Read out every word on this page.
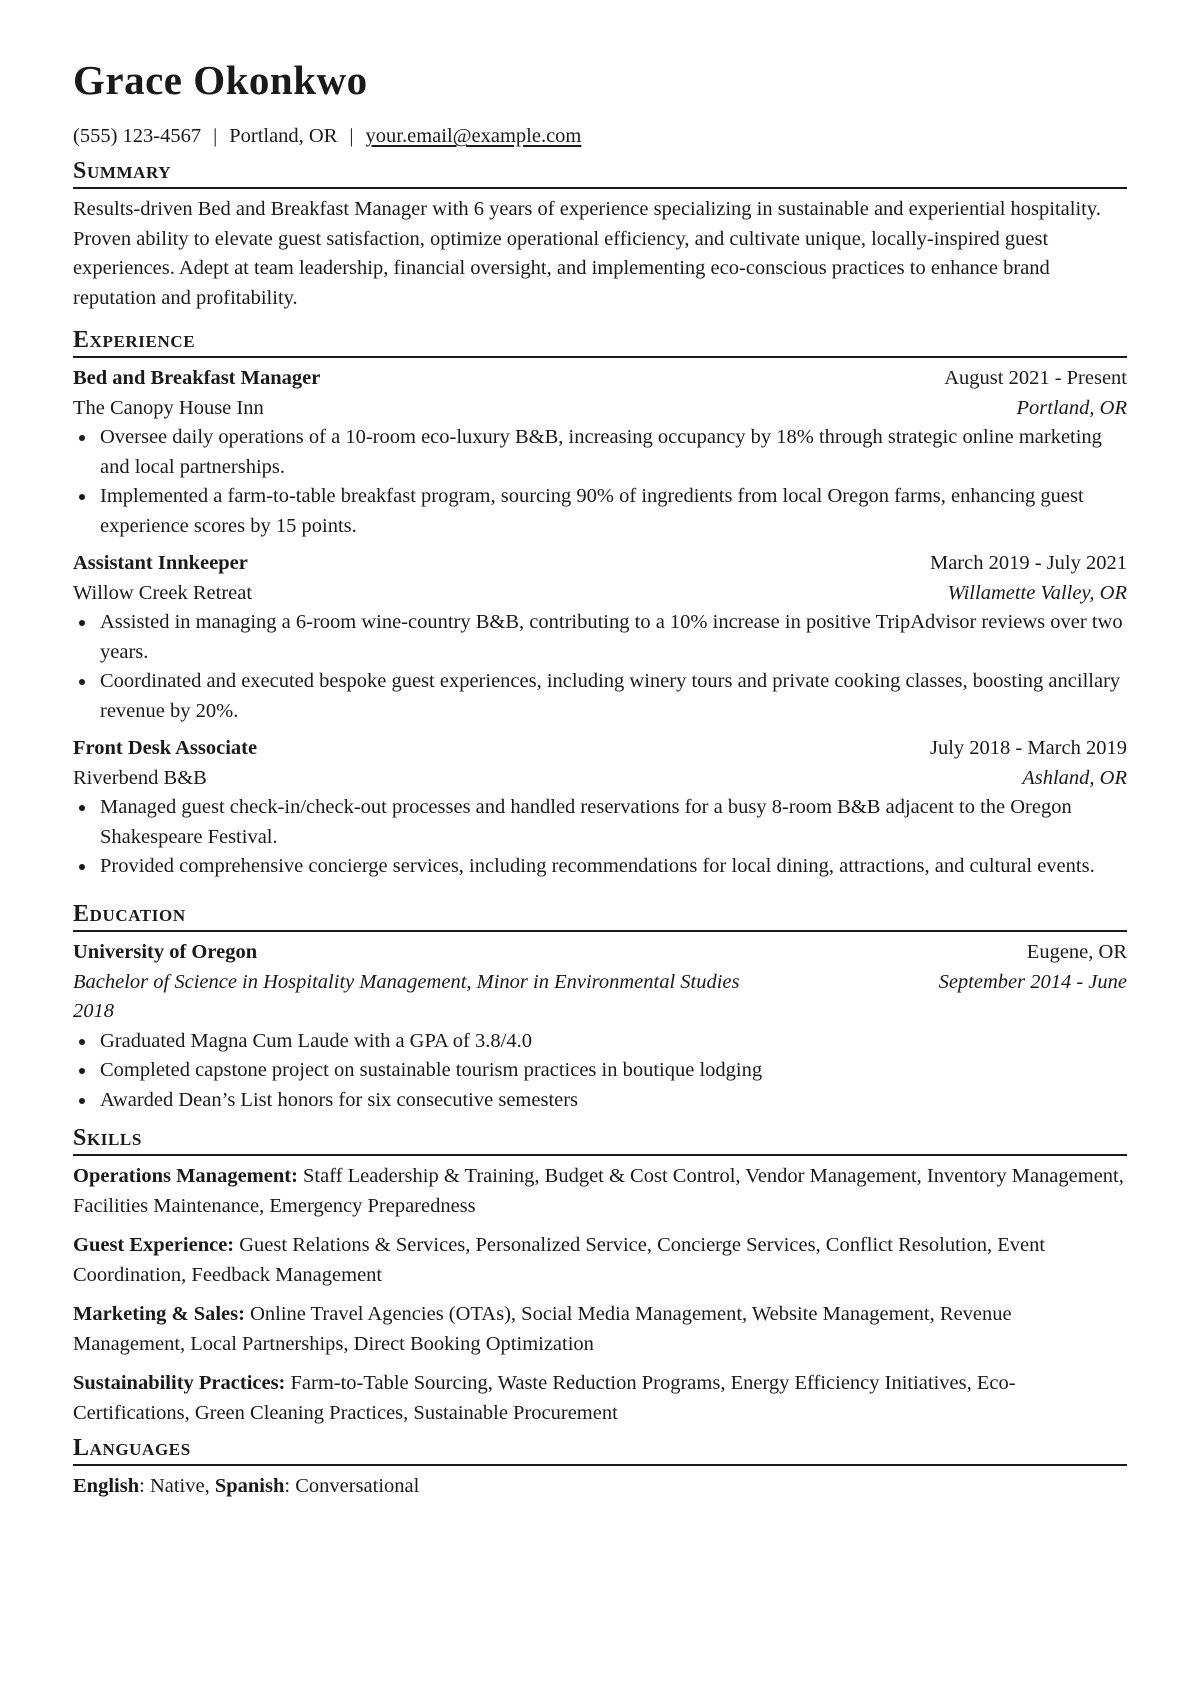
Grace Okonkwo
(555) 123-4567 | Portland, OR | your.email@example.com
Summary
Results-driven Bed and Breakfast Manager with 6 years of experience specializing in sustainable and experiential hospitality. Proven ability to elevate guest satisfaction, optimize operational efficiency, and cultivate unique, locally-inspired guest experiences. Adept at team leadership, financial oversight, and implementing eco-conscious practices to enhance brand reputation and profitability.
Experience
Bed and Breakfast Manager	August 2021 - Present
The Canopy House Inn	Portland, OR
Oversee daily operations of a 10-room eco-luxury B&B, increasing occupancy by 18% through strategic online marketing and local partnerships.
Implemented a farm-to-table breakfast program, sourcing 90% of ingredients from local Oregon farms, enhancing guest experience scores by 15 points.
Assistant Innkeeper	March 2019 - July 2021
Willow Creek Retreat	Willamette Valley, OR
Assisted in managing a 6-room wine-country B&B, contributing to a 10% increase in positive TripAdvisor reviews over two years.
Coordinated and executed bespoke guest experiences, including winery tours and private cooking classes, boosting ancillary revenue by 20%.
Front Desk Associate	July 2018 - March 2019
Riverbend B&B	Ashland, OR
Managed guest check-in/check-out processes and handled reservations for a busy 8-room B&B adjacent to the Oregon Shakespeare Festival.
Provided comprehensive concierge services, including recommendations for local dining, attractions, and cultural events.
Education
University of Oregon	Eugene, OR
Bachelor of Science in Hospitality Management, Minor in Environmental Studies	September 2014 - June
2018
Graduated Magna Cum Laude with a GPA of 3.8/4.0
Completed capstone project on sustainable tourism practices in boutique lodging
Awarded Dean’s List honors for six consecutive semesters
Skills
Operations Management: Staff Leadership & Training, Budget & Cost Control, Vendor Management, Inventory Management, Facilities Maintenance, Emergency Preparedness
Guest Experience: Guest Relations & Services, Personalized Service, Concierge Services, Conflict Resolution, Event Coordination, Feedback Management
Marketing & Sales: Online Travel Agencies (OTAs), Social Media Management, Website Management, Revenue Management, Local Partnerships, Direct Booking Optimization
Sustainability Practices: Farm-to-Table Sourcing, Waste Reduction Programs, Energy Efficiency Initiatives, Eco-Certifications, Green Cleaning Practices, Sustainable Procurement
Languages
English: Native, Spanish: Conversational
